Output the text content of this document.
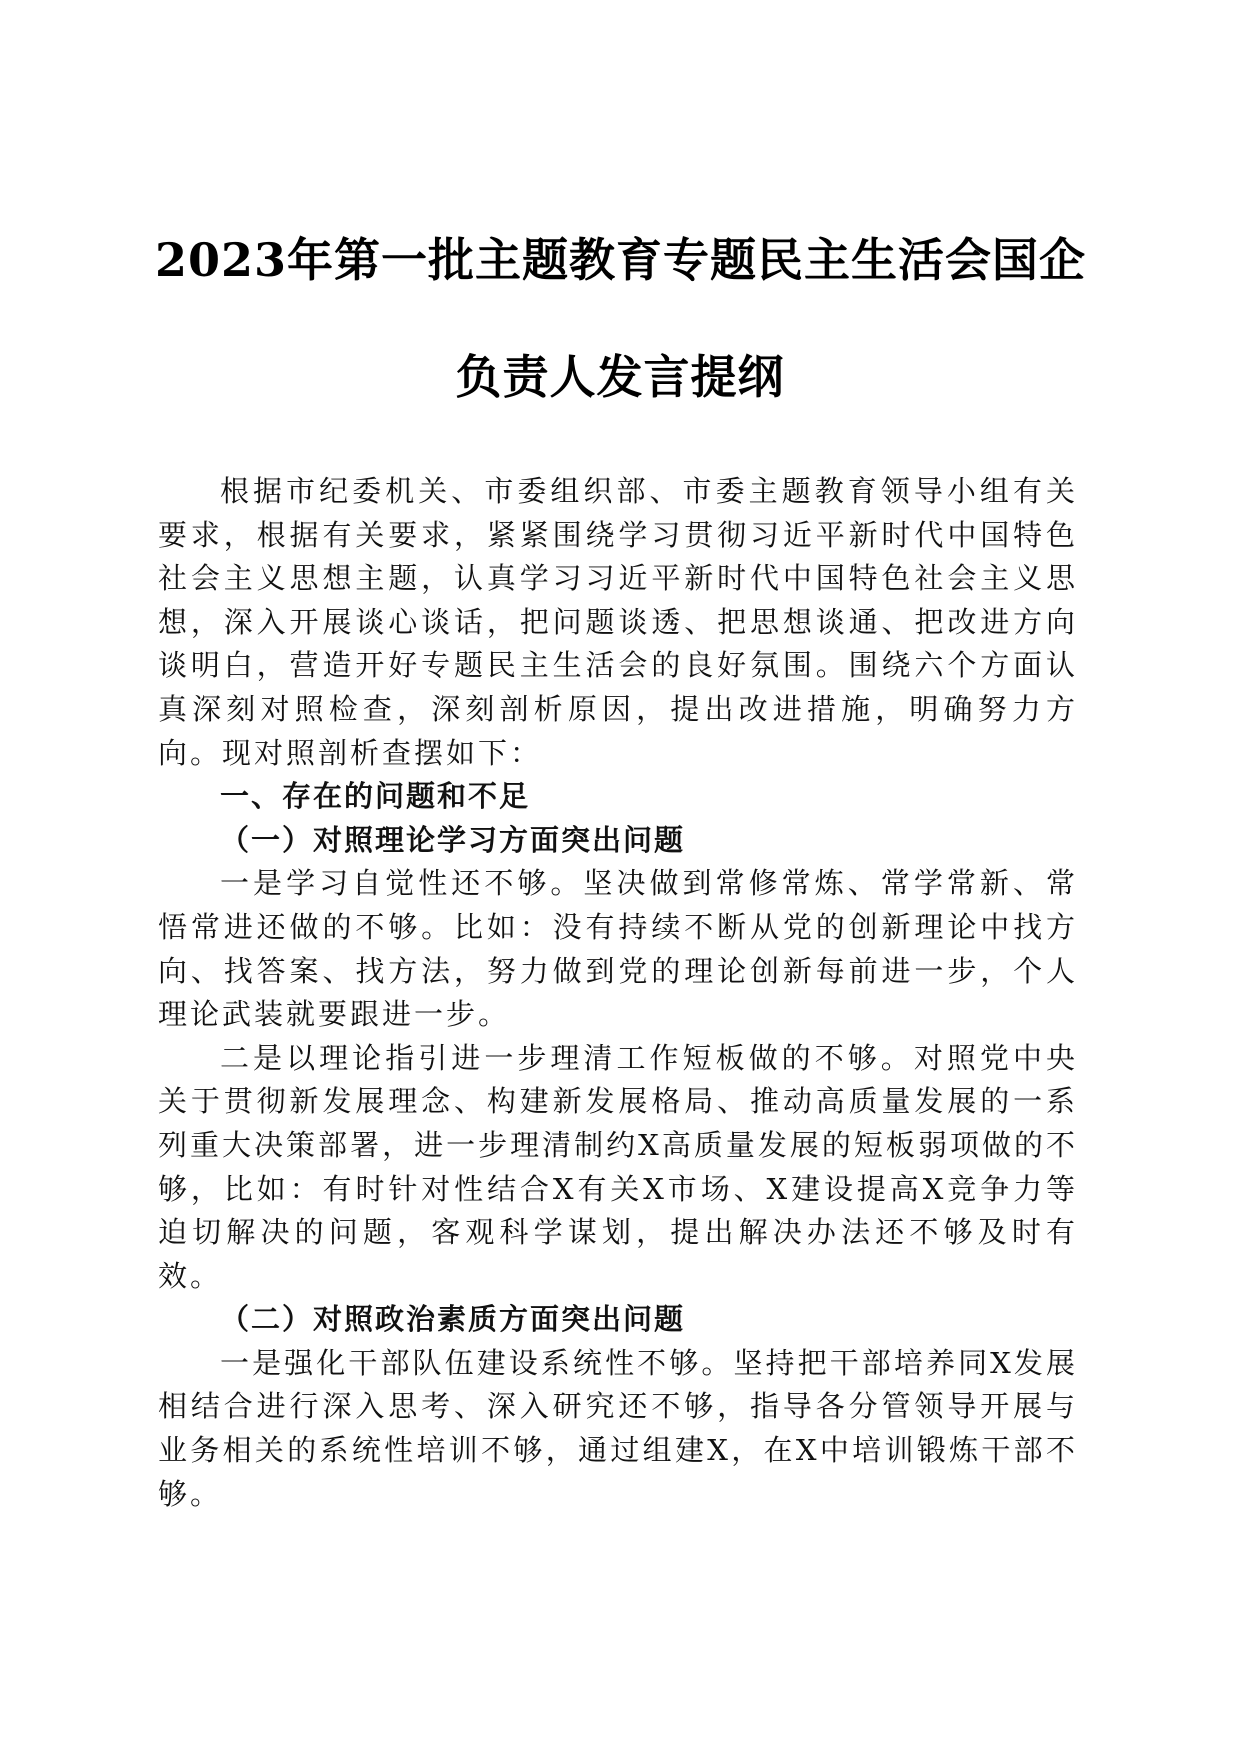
2023年第一批主题教育专题民主生活会国企
负责人发言提纲

根据市纪委机关、市委组织部、市委主题教育领导小组有关要求，根据有关要求，紧紧围绕学习贯彻习近平新时代中国特色社会主义思想主题，认真学习习近平新时代中国特色社会主义思想，深入开展谈心谈话，把问题谈透、把思想谈通、把改进方向谈明白，营造开好专题民主生活会的良好氛围。围绕六个方面认真深刻对照检查，深刻剖析原因，提出改进措施，明确努力方向。现对照剖析查摆如下：

一、存在的问题和不足

（一）对照理论学习方面突出问题

一是学习自觉性还不够。坚决做到常修常炼、常学常新、常悟常进还做的不够。比如：没有持续不断从党的创新理论中找方向、找答案、找方法，努力做到党的理论创新每前进一步，个人理论武装就要跟进一步。

二是以理论指引进一步理清工作短板做的不够。对照党中央关于贯彻新发展理念、构建新发展格局、推动高质量发展的一系列重大决策部署，进一步理清制约X高质量发展的短板弱项做的不够，比如：有时针对性结合X有关X市场、X建设提高X竞争力等迫切解决的问题，客观科学谋划，提出解决办法还不够及时有效。

（二）对照政治素质方面突出问题

一是强化干部队伍建设系统性不够。坚持把干部培养同X发展相结合进行深入思考、深入研究还不够，指导各分管领导开展与业务相关的系统性培训不够，通过组建X，在X中培训锻炼干部不够。
